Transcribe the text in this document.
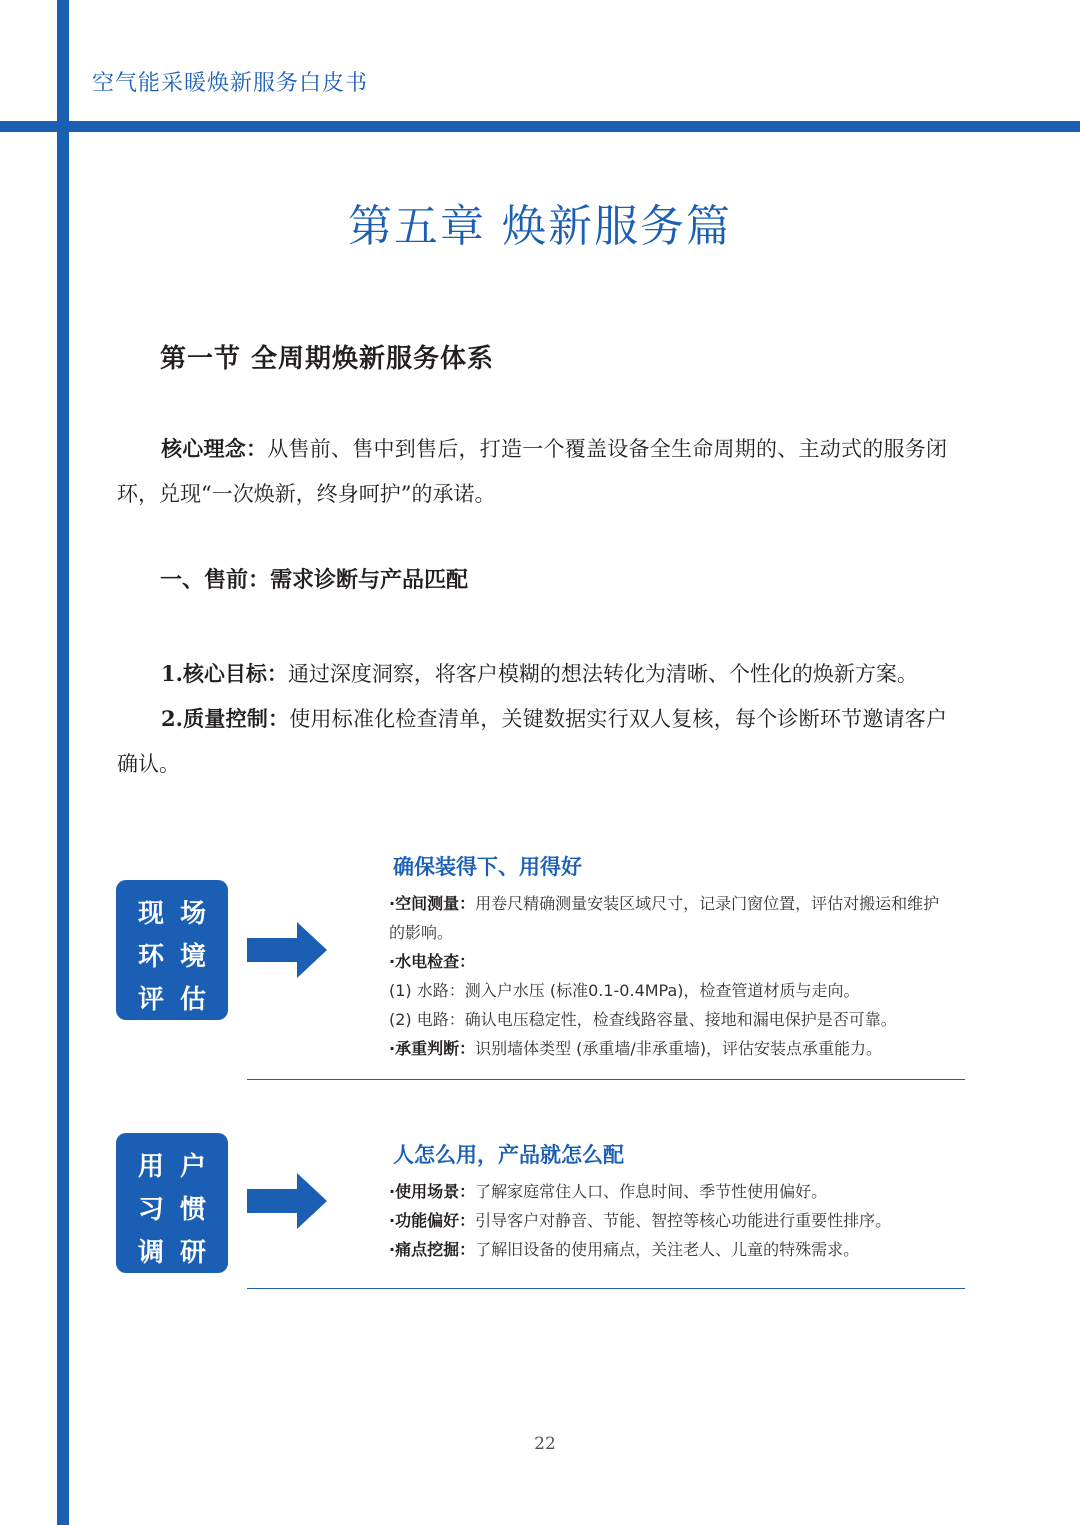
空气能采暖焕新服务白皮书
第五章 焕新服务篇
第一节 全周期焕新服务体系
核心理念：从售前、售中到售后，打造一个覆盖设备全生命周期的、主动式的服务闭环，兑现“一次焕新，终身呵护”的承诺。
一、售前：需求诊断与产品匹配
1.核心目标：通过深度洞察，将客户模糊的想法转化为清晰、个性化的焕新方案。
2.质量控制：使用标准化检查清单，关键数据实行双人复核，每个诊断环节邀请客户确认。
现 场
环 境
评 估
确保装得下、用得好
·空间测量：用卷尺精确测量安装区域尺寸，记录门窗位置，评估对搬运和维护的影响。
·水电检查：
(1) 水路：测入户水压 (标准0.1-0.4MPa)，检查管道材质与走向。
(2) 电路：确认电压稳定性，检查线路容量、接地和漏电保护是否可靠。
·承重判断：识别墙体类型 (承重墙/非承重墙)，评估安装点承重能力。
用 户
习 惯
调 研
人怎么用，产品就怎么配
·使用场景：了解家庭常住人口、作息时间、季节性使用偏好。
·功能偏好：引导客户对静音、节能、智控等核心功能进行重要性排序。
·痛点挖掘：了解旧设备的使用痛点，关注老人、儿童的特殊需求。
22
